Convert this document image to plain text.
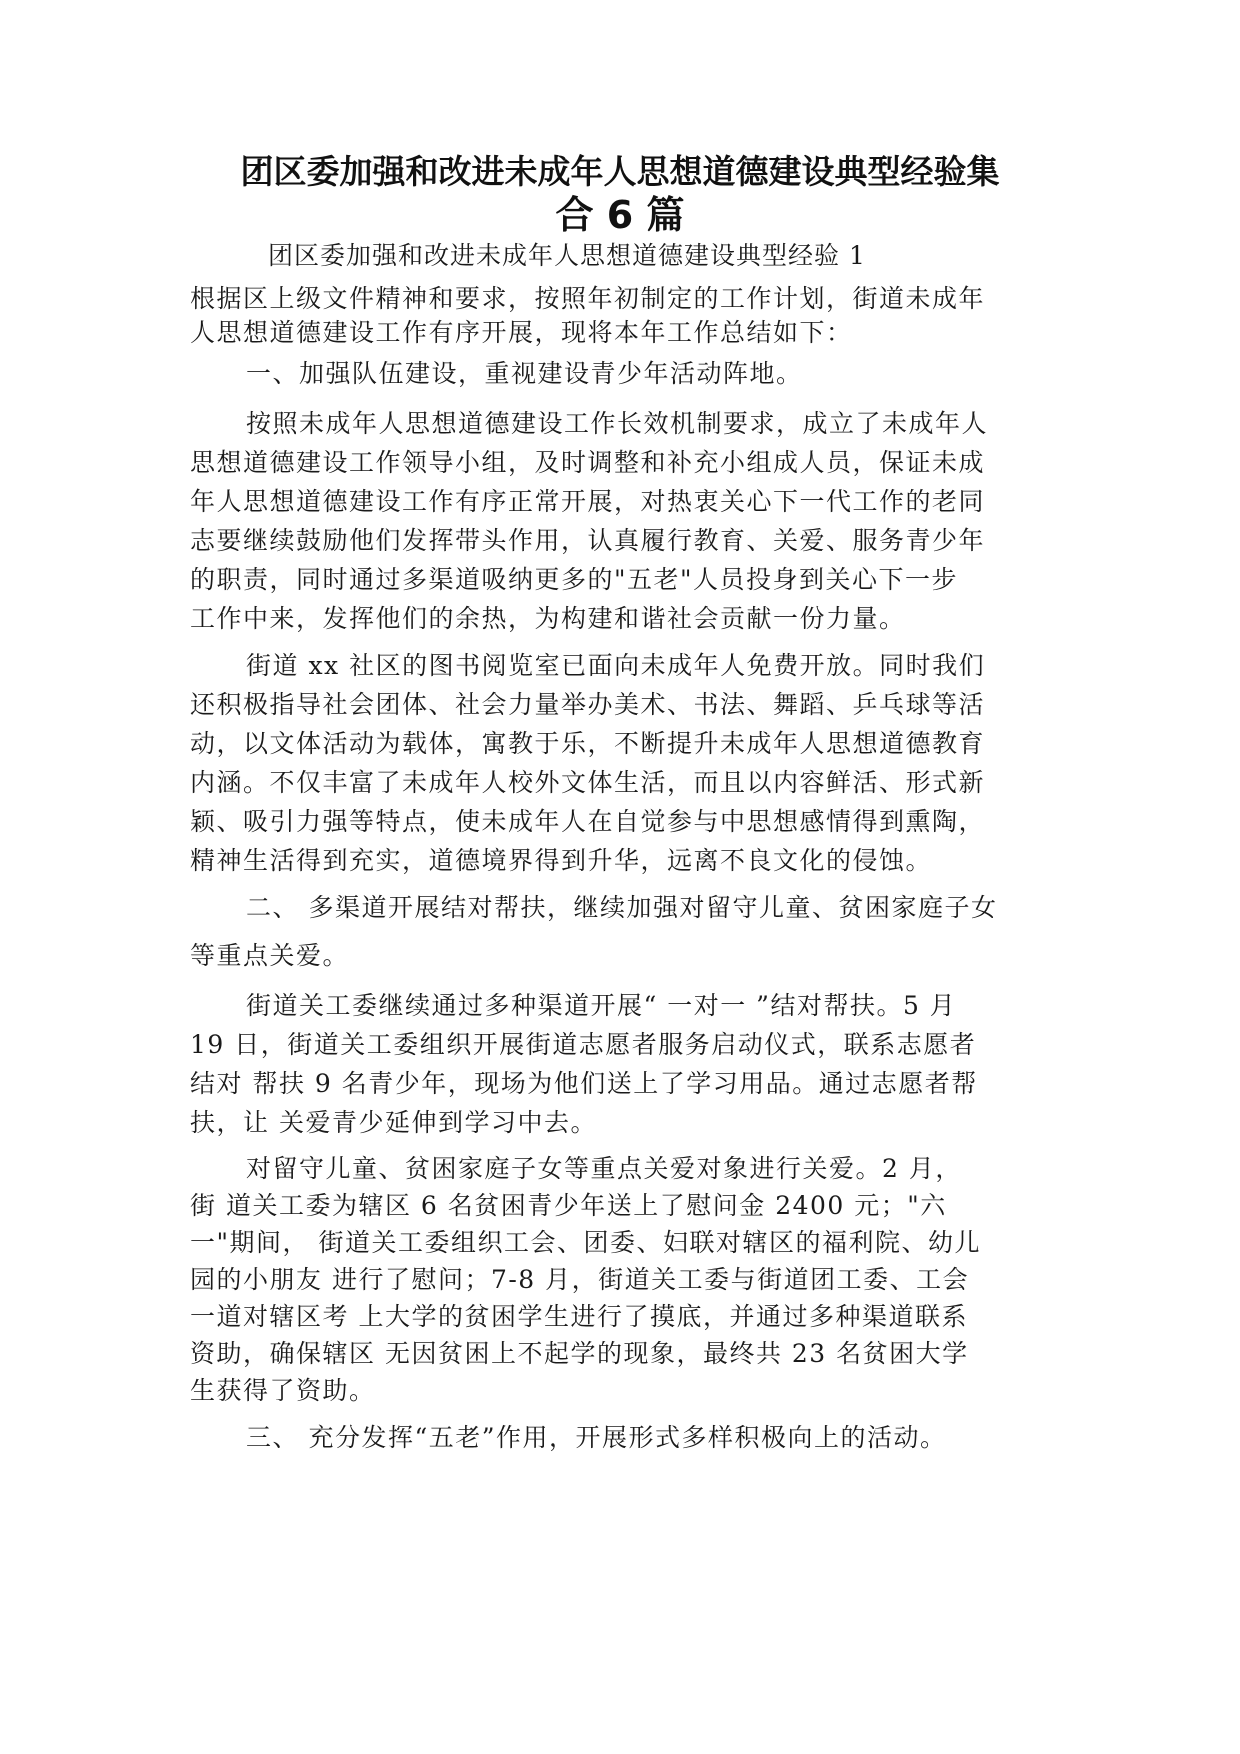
团区委加强和改进未成年人思想道德建设典型经验集
合 6 篇
团区委加强和改进未成年人思想道德建设典型经验 1
根据区上级文件精神和要求，按照年初制定的工作计划，街道未成年
人思想道德建设工作有序开展，现将本年工作总结如下：
一、加强队伍建设，重视建设青少年活动阵地。
按照未成年人思想道德建设工作长效机制要求，成立了未成年人
思想道德建设工作领导小组，及时调整和补充小组成人员，保证未成
年人思想道德建设工作有序正常开展，对热衷关心下一代工作的老同
志要继续鼓励他们发挥带头作用，认真履行教育、关爱、服务青少年
的职责，同时通过多渠道吸纳更多的"五老"人员投身到关心下一步
工作中来，发挥他们的余热，为构建和谐社会贡献一份力量。
街道 xx 社区的图书阅览室已面向未成年人免费开放。同时我们
还积极指导社会团体、社会力量举办美术、书法、舞蹈、乒乓球等活
动，以文体活动为载体，寓教于乐，不断提升未成年人思想道德教育
内涵。不仅丰富了未成年人校外文体生活，而且以内容鲜活、形式新
颖、吸引力强等特点，使未成年人在自觉参与中思想感情得到熏陶，
精神生活得到充实，道德境界得到升华，远离不良文化的侵蚀。
二、 多渠道开展结对帮扶，继续加强对留守儿童、贫困家庭子女
等重点关爱。
街道关工委继续通过多种渠道开展“ 一对一 ”结对帮扶。5 月
19 日，街道关工委组织开展街道志愿者服务启动仪式，联系志愿者
结对 帮扶 9 名青少年，现场为他们送上了学习用品。通过志愿者帮
扶，让 关爱青少延伸到学习中去。
对留守儿童、贫困家庭子女等重点关爱对象进行关爱。2 月，
街 道关工委为辖区 6 名贫困青少年送上了慰问金 2400 元；"六
一"期间， 街道关工委组织工会、团委、妇联对辖区的福利院、幼儿
园的小朋友 进行了慰问；7-8 月，街道关工委与街道团工委、工会
一道对辖区考 上大学的贫困学生进行了摸底，并通过多种渠道联系
资助，确保辖区 无因贫困上不起学的现象，最终共 23 名贫困大学
生获得了资助。
三、 充分发挥“五老”作用，开展形式多样积极向上的活动。
